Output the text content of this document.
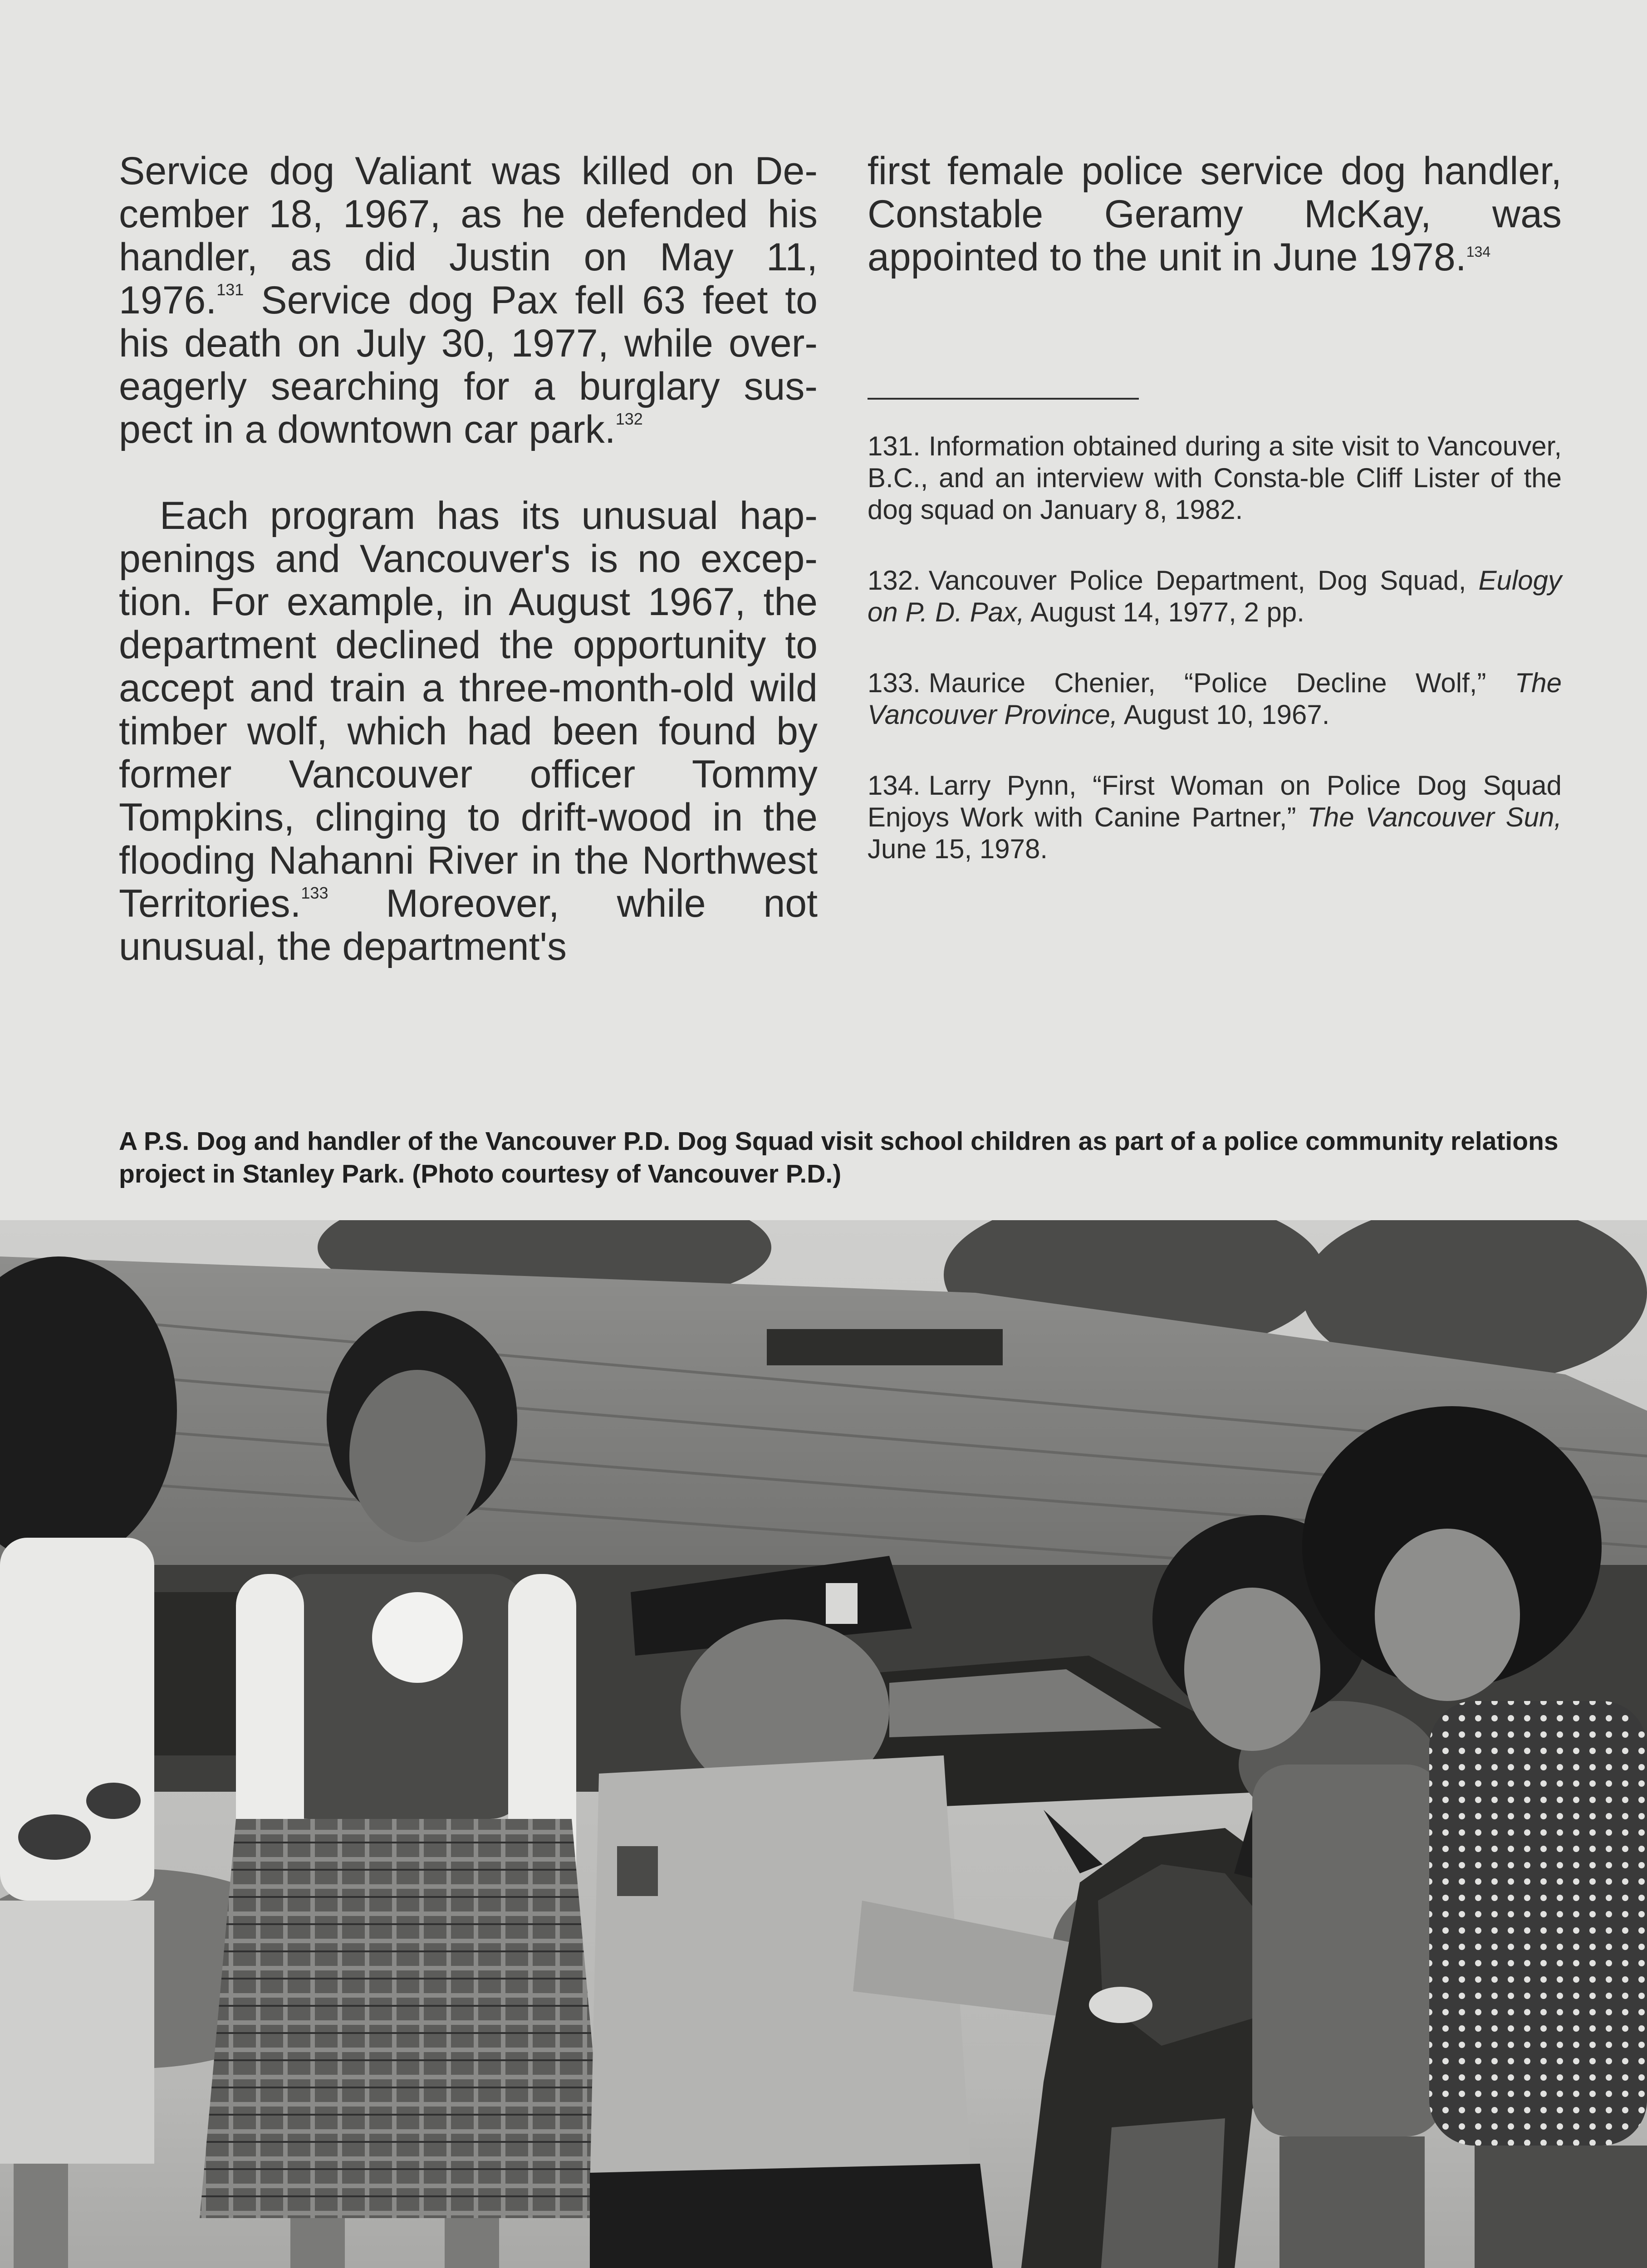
Service dog Valiant was killed on De-cember 18, 1967, as he defended his handler, as did Justin on May 11, 1976.$^{131}$ Service dog Pax fell 63 feet to his death on July 30, 1977, while over-eagerly searching for a burglary sus-pect in a downtown car park.$^{132}$

Each program has its unusual hap-penings and Vancouver's is no excep-tion. For example, in August 1967, the department declined the opportunity to accept and train a three-month-old wild timber wolf, which had been found by former Vancouver officer Tommy Tompkins, clinging to drift-wood in the flooding Nahanni River in the Northwest Territories.$^{133}$ Moreover, while not unusual, the department's

first female police service dog handler, Constable Geramy McKay, was appointed to the unit in June 1978.$^{134}$

131. Information obtained during a site visit to Vancouver, B.C., and an interview with Consta-ble Cliff Lister of the dog squad on January 8, 1982.

132. Vancouver Police Department, Dog Squad, Eulogy on P. D. Pax, August 14, 1977, 2 pp.

133. Maurice Chenier, “Police Decline Wolf,” The Vancouver Province, August 10, 1967.

134. Larry Pynn, “First Woman on Police Dog Squad Enjoys Work with Canine Partner,” The Vancouver Sun, June 15, 1978.

A P.S. Dog and handler of the Vancouver P.D. Dog Squad visit school children as part of a police community relations project in Stanley Park. (Photo courtesy of Vancouver P.D.)
